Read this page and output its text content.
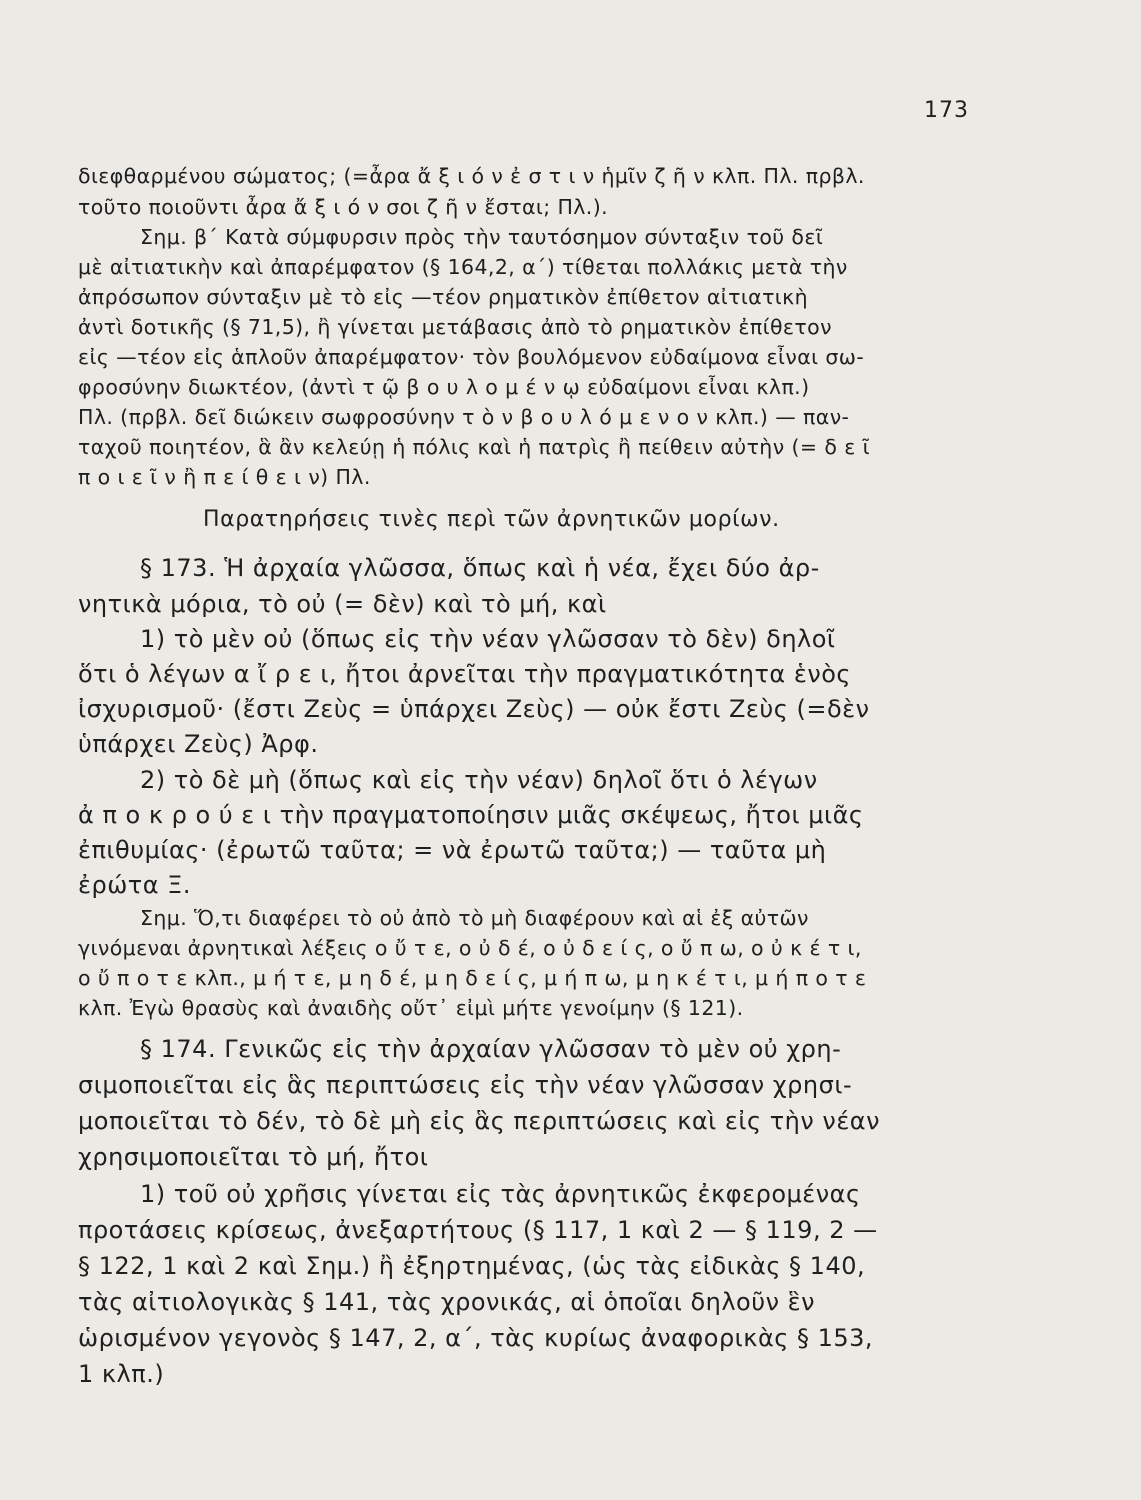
173
διεφθαρμένου σώματος; (=ἆρα ἄ ξ ι ό ν ἐ σ τ ι ν ἡμῖν ζ ῆ ν κλπ. Πλ. πρβλ.
τοῦτο ποιοῦντι ἆρα ἄ ξ ι ό ν σοι ζ ῆ ν ἔσται; Πλ.).
Σημ. β΄ Κατὰ σύμφυρσιν πρὸς τὴν ταυτόσημον σύνταξιν τοῦ δεῖ
μὲ αἰτιατικὴν καὶ ἀπαρέμφατον (§ 164,2, α΄) τίθεται πολλάκις μετὰ τὴν
ἀπρόσωπον σύνταξιν μὲ τὸ εἰς —τέον ρηματικὸν ἐπίθετον αἰτιατικὴ
ἀντὶ δοτικῆς (§ 71,5), ἢ γίνεται μετάβασις ἀπὸ τὸ ρηματικὸν ἐπίθετον
εἰς —τέον εἰς ἁπλοῦν ἀπαρέμφατον· τὸν βουλόμενον εὐδαίμονα εἶναι σω-
φροσύνην διωκτέον, (ἀντὶ τ ῷ β ο υ λ ο μ έ ν ῳ εὐδαίμονι εἶναι κλπ.)
Πλ. (πρβλ. δεῖ διώκειν σωφροσύνην τ ὸ ν β ο υ λ ό μ ε ν ο ν κλπ.) — παν-
ταχοῦ ποιητέον, ἃ ἂν κελεύῃ ἡ πόλις καὶ ἡ πατρὶς ἢ πείθειν αὐτὴν (= δ ε ῖ
π ο ι ε ῖ ν ἢ π ε ί θ ε ι ν) Πλ.
Παρατηρήσεις τινὲς περὶ τῶν ἀρνητικῶν μορίων.
§ 173. Ἡ ἀρχαία γλῶσσα, ὅπως καὶ ἡ νέα, ἔχει δύο ἀρ-
νητικὰ μόρια, τὸ οὐ (= δὲν) καὶ τὸ μή, καὶ
1) τὸ μὲν οὐ (ὅπως εἰς τὴν νέαν γλῶσσαν τὸ δὲν) δηλοῖ
ὅτι ὁ λέγων α ἴ ρ ε ι, ἤτοι ἀρνεῖται τὴν πραγματικότητα ἑνὸς
ἰσχυρισμοῦ· (ἔστι Ζεὺς = ὑπάρχει Ζεὺς) — οὐκ ἔστι Ζεὺς (=δὲν
ὑπάρχει Ζεὺς) Ἀρφ.
2) τὸ δὲ μὴ (ὅπως καὶ εἰς τὴν νέαν) δηλοῖ ὅτι ὁ λέγων
ἀ π ο κ ρ ο ύ ε ι τὴν πραγματοποίησιν μιᾶς σκέψεως, ἤτοι μιᾶς
ἐπιθυμίας· (ἐρωτῶ ταῦτα; = νὰ ἐρωτῶ ταῦτα;) — ταῦτα μὴ
ἐρώτα Ξ.
Σημ. Ὅ,τι διαφέρει τὸ οὐ ἀπὸ τὸ μὴ διαφέρουν καὶ αἱ ἐξ αὐτῶν
γινόμεναι ἀρνητικαὶ λέξεις ο ὔ τ ε, ο ὐ δ έ, ο ὐ δ ε ί ς, ο ὔ π ω, ο ὐ κ έ τ ι,
ο ὔ π ο τ ε κλπ., μ ή τ ε, μ η δ έ, μ η δ ε ί ς, μ ή π ω, μ η κ έ τ ι, μ ή π ο τ ε
κλπ. Ἐγὼ θρασὺς καὶ ἀναιδὴς οὔτ᾽ εἰμὶ μήτε γενοίμην (§ 121).
§ 174. Γενικῶς εἰς τὴν ἀρχαίαν γλῶσσαν τὸ μὲν οὐ χρη-
σιμοποιεῖται εἰς ἃς περιπτώσεις εἰς τὴν νέαν γλῶσσαν χρησι-
μοποιεῖται τὸ δέν, τὸ δὲ μὴ εἰς ἃς περιπτώσεις καὶ εἰς τὴν νέαν
χρησιμοποιεῖται τὸ μή, ἤτοι
1) τοῦ οὐ χρῆσις γίνεται εἰς τὰς ἀρνητικῶς ἐκφερομένας
προτάσεις κρίσεως, ἀνεξαρτήτους (§ 117, 1 καὶ 2 — § 119, 2 —
§ 122, 1 καὶ 2 καὶ Σημ.) ἢ ἐξηρτημένας, (ὡς τὰς εἰδικὰς § 140,
τὰς αἰτιολογικὰς § 141, τὰς χρονικάς, αἱ ὁποῖαι δηλοῦν ἓν
ὡρισμένον γεγονὸς § 147, 2, α΄, τὰς κυρίως ἀναφορικὰς § 153,
1 κλπ.)
